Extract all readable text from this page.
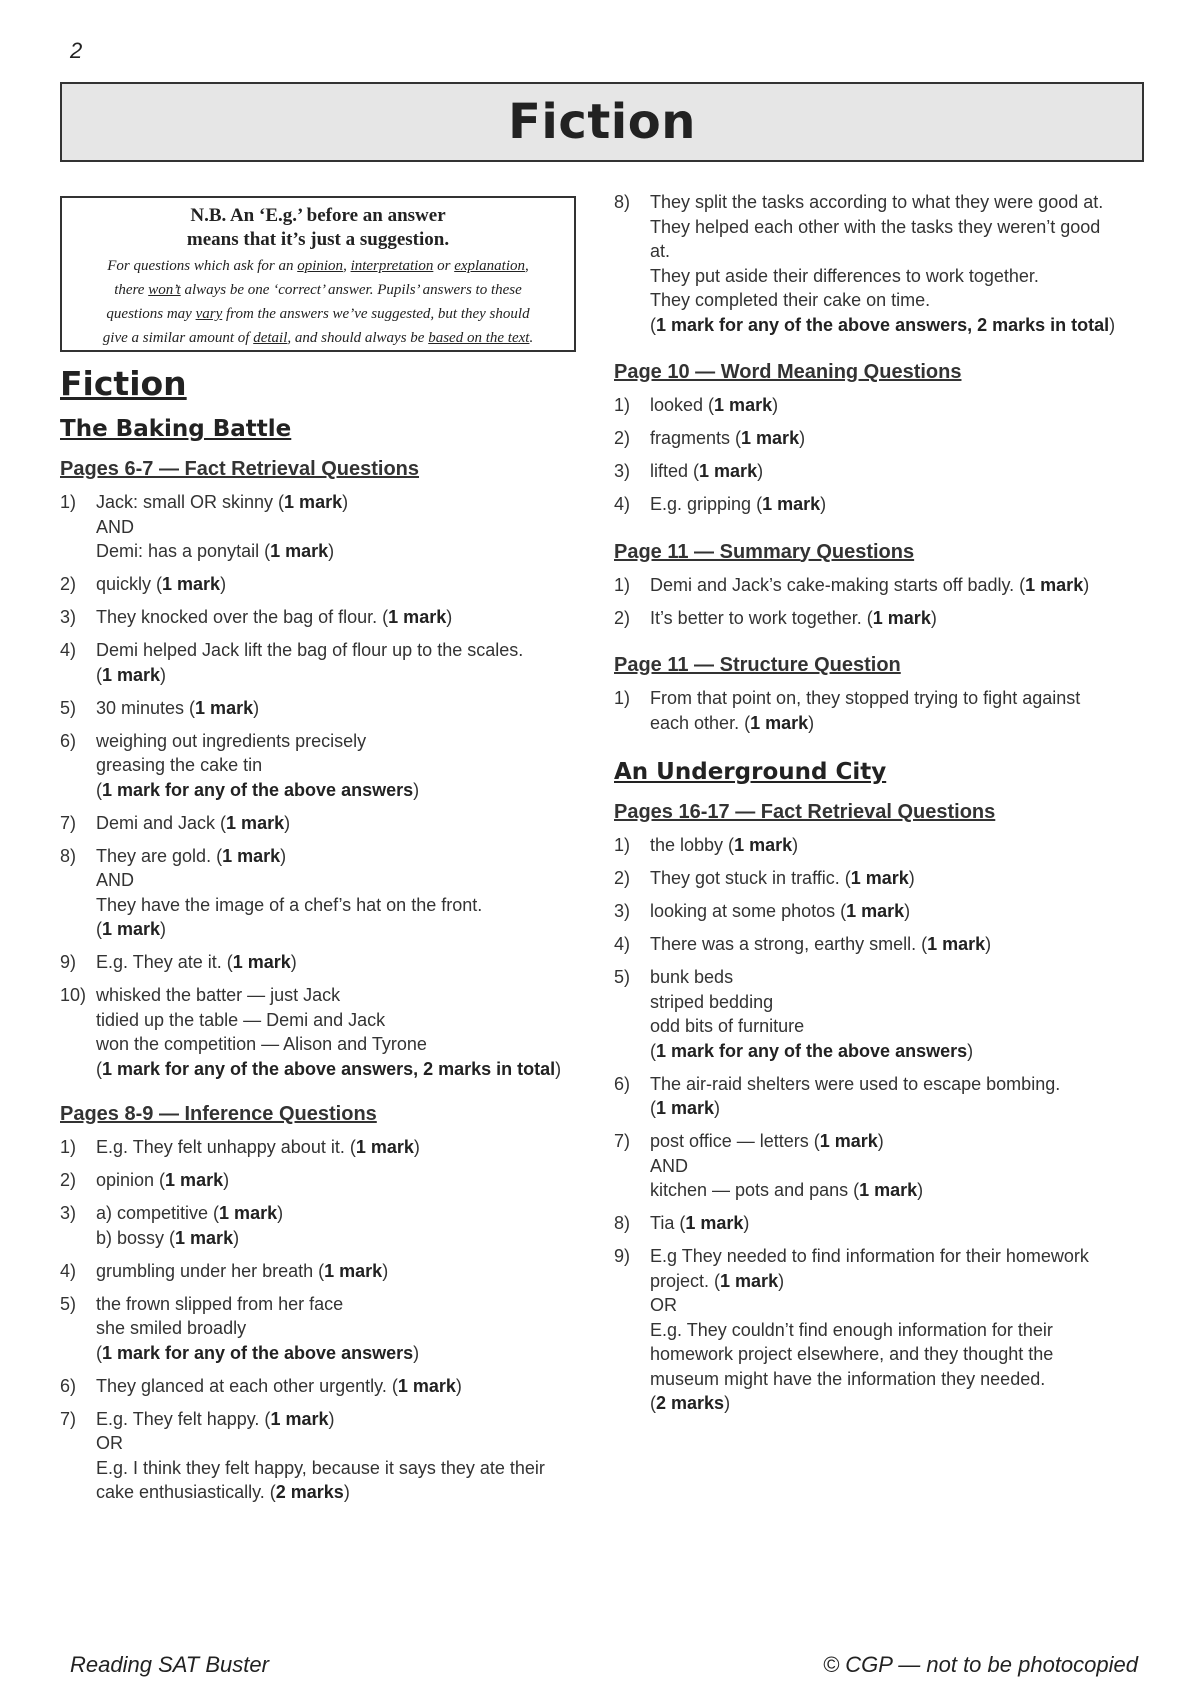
2
Fiction
N.B. An ‘E.g.’ before an answer
means that it’s just a suggestion.
For questions which ask for an opinion, interpretation or explanation,
there won’t always be one ‘correct’ answer. Pupils’ answers to these
questions may vary from the answers we’ve suggested, but they should
give a similar amount of detail, and should always be based on the text.
Fiction
The Baking Battle
Pages 6-7 — Fact Retrieval Questions
1) Jack: small OR skinny (1 mark)
AND
Demi: has a ponytail (1 mark)
2) quickly (1 mark)
3) They knocked over the bag of flour. (1 mark)
4) Demi helped Jack lift the bag of flour up to the scales.
(1 mark)
5) 30 minutes (1 mark)
6) weighing out ingredients precisely
greasing the cake tin
(1 mark for any of the above answers)
7) Demi and Jack (1 mark)
8) They are gold. (1 mark)
AND
They have the image of a chef’s hat on the front.
(1 mark)
9) E.g. They ate it. (1 mark)
10) whisked the batter — just Jack
tidied up the table — Demi and Jack
won the competition — Alison and Tyrone
(1 mark for any of the above answers, 2 marks in total)
Pages 8-9 — Inference Questions
1) E.g. They felt unhappy about it. (1 mark)
2) opinion (1 mark)
3) a) competitive (1 mark)
b) bossy (1 mark)
4) grumbling under her breath (1 mark)
5) the frown slipped from her face
she smiled broadly
(1 mark for any of the above answers)
6) They glanced at each other urgently. (1 mark)
7) E.g. They felt happy. (1 mark)
OR
E.g. I think they felt happy, because it says they ate their
cake enthusiastically. (2 marks)
8) They split the tasks according to what they were good at.
They helped each other with the tasks they weren’t good
at.
They put aside their differences to work together.
They completed their cake on time.
(1 mark for any of the above answers, 2 marks in total)
Page 10 — Word Meaning Questions
1) looked (1 mark)
2) fragments (1 mark)
3) lifted (1 mark)
4) E.g. gripping (1 mark)
Page 11 — Summary Questions
1) Demi and Jack’s cake-making starts off badly. (1 mark)
2) It’s better to work together. (1 mark)
Page 11 — Structure Question
1) From that point on, they stopped trying to fight against
each other. (1 mark)
An Underground City
Pages 16-17 — Fact Retrieval Questions
1) the lobby (1 mark)
2) They got stuck in traffic. (1 mark)
3) looking at some photos (1 mark)
4) There was a strong, earthy smell. (1 mark)
5) bunk beds
striped bedding
odd bits of furniture
(1 mark for any of the above answers)
6) The air-raid shelters were used to escape bombing.
(1 mark)
7) post office — letters (1 mark)
AND
kitchen — pots and pans (1 mark)
8) Tia (1 mark)
9) E.g They needed to find information for their homework
project. (1 mark)
OR
E.g. They couldn’t find enough information for their
homework project elsewhere, and they thought the
museum might have the information they needed.
(2 marks)
Reading SAT Buster	© CGP — not to be photocopied
